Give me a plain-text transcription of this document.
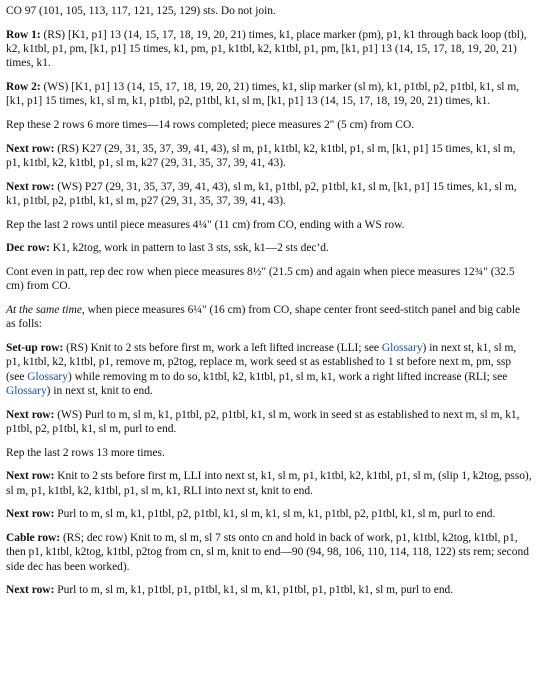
CO 97 (101, 105, 113, 117, 121, 125, 129) sts. Do not join.

Row 1: (RS) [K1, p1] 13 (14, 15, 17, 18, 19, 20, 21) times, k1, place marker (pm), p1, k1 through back loop (tbl), k2, k1tbl, p1, pm, [k1, p1] 15 times, k1, pm, p1, k1tbl, k2, k1tbl, p1, pm, [k1, p1] 13 (14, 15, 17, 18, 19, 20, 21) times, k1.

Row 2: (WS) [K1, p1] 13 (14, 15, 17, 18, 19, 20, 21) times, k1, slip marker (sl m), k1, p1tbl, p2, p1tbl, k1, sl m, [k1, p1] 15 times, k1, sl m, k1, p1tbl, p2, p1tbl, k1, sl m, [k1, p1] 13 (14, 15, 17, 18, 19, 20, 21) times, k1.

Rep these 2 rows 6 more times—14 rows completed; piece measures 2" (5 cm) from CO.

Next row: (RS) K27 (29, 31, 35, 37, 39, 41, 43), sl m, p1, k1tbl, k2, k1tbl, p1, sl m, [k1, p1] 15 times, k1, sl m, p1, k1tbl, k2, k1tbl, p1, sl m, k27 (29, 31, 35, 37, 39, 41, 43).

Next row: (WS) P27 (29, 31, 35, 37, 39, 41, 43), sl m, k1, p1tbl, p2, p1tbl, k1, sl m, [k1, p1] 15 times, k1, sl m, k1, p1tbl, p2, p1tbl, k1, sl m, p27 (29, 31, 35, 37, 39, 41, 43).

Rep the last 2 rows until piece measures 4¼" (11 cm) from CO, ending with a WS row.

Dec row: K1, k2tog, work in pattern to last 3 sts, ssk, k1—2 sts dec’d.

Cont even in patt, rep dec row when piece measures 8½" (21.5 cm) and again when piece measures 12¾" (32.5 cm) from CO.

At the same time, when piece measures 6¼" (16 cm) from CO, shape center front seed-stitch panel and big cable as folls:

Set-up row: (RS) Knit to 2 sts before first m, work a left lifted increase (LLI; see Glossary) in next st, k1, sl m, p1, k1tbl, k2, k1tbl, p1, remove m, p2tog, replace m, work seed st as established to 1 st before next m, pm, ssp (see Glossary) while removing m to do so, k1tbl, k2, k1tbl, p1, sl m, k1, work a right lifted increase (RLI; see Glossary) in next st, knit to end.

Next row: (WS) Purl to m, sl m, k1, p1tbl, p2, p1tbl, k1, sl m, work in seed st as established to next m, sl m, k1, p1tbl, p2, p1tbl, k1, sl m, purl to end.

Rep the last 2 rows 13 more times.

Next row: Knit to 2 sts before first m, LLI into next st, k1, sl m, p1, k1tbl, k2, k1tbl, p1, sl m, (slip 1, k2tog, psso), sl m, p1, k1tbl, k2, k1tbl, p1, sl m, k1, RLI into next st, knit to end.

Next row: Purl to m, sl m, k1, p1tbl, p2, p1tbl, k1, sl m, k1, sl m, k1, p1tbl, p2, p1tbl, k1, sl m, purl to end.

Cable row: (RS; dec row) Knit to m, sl m, sl 7 sts onto cn and hold in back of work, p1, k1tbl, k2tog, k1tbl, p1, then p1, k1tbl, k2tog, k1tbl, p2tog from cn, sl m, knit to end—90 (94, 98, 106, 110, 114, 118, 122) sts rem; second side dec has been worked).

Next row: Purl to m, sl m, k1, p1tbl, p1, p1tbl, k1, sl m, k1, p1tbl, p1, p1tbl, k1, sl m, purl to end.
